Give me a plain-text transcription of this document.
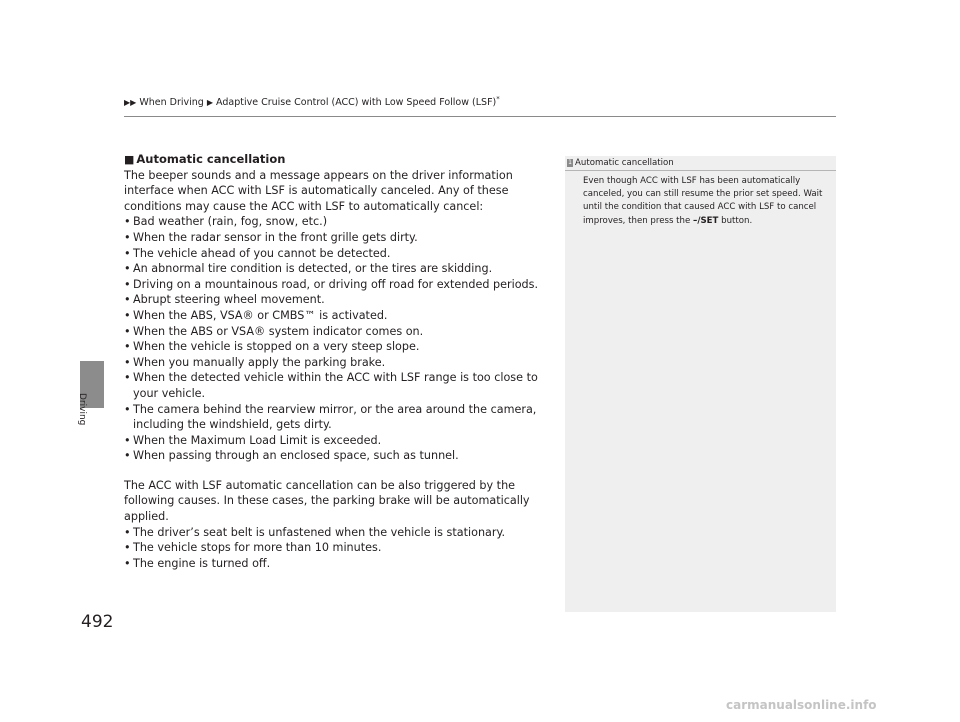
▶▶ When Driving ▶ Adaptive Cruise Control (ACC) with Low Speed Follow (LSF)*
Driving
492
■ Automatic cancellation

The beeper sounds and a message appears on the driver information interface when ACC with LSF is automatically canceled. Any of these conditions may cause the ACC with LSF to automatically cancel:

• Bad weather (rain, fog, snow, etc.)
• When the radar sensor in the front grille gets dirty.
• The vehicle ahead of you cannot be detected.
• An abnormal tire condition is detected, or the tires are skidding.
• Driving on a mountainous road, or driving off road for extended periods.
• Abrupt steering wheel movement.
• When the ABS, VSA® or CMBS™ is activated.
• When the ABS or VSA® system indicator comes on.
• When the vehicle is stopped on a very steep slope.
• When you manually apply the parking brake.
• When the detected vehicle within the ACC with LSF range is too close to your vehicle.
• The camera behind the rearview mirror, or the area around the camera, including the windshield, gets dirty.
• When the Maximum Load Limit is exceeded.
• When passing through an enclosed space, such as tunnel.

The ACC with LSF automatic cancellation can be also triggered by the following causes. In these cases, the parking brake will be automatically applied.

• The driver’s seat belt is unfastened when the vehicle is stationary.
• The vehicle stops for more than 10 minutes.
• The engine is turned off.
1 Automatic cancellation
Even though ACC with LSF has been automatically canceled, you can still resume the prior set speed. Wait until the condition that caused ACC with LSF to cancel improves, then press the –/SET button.
carmanualsonline.info
